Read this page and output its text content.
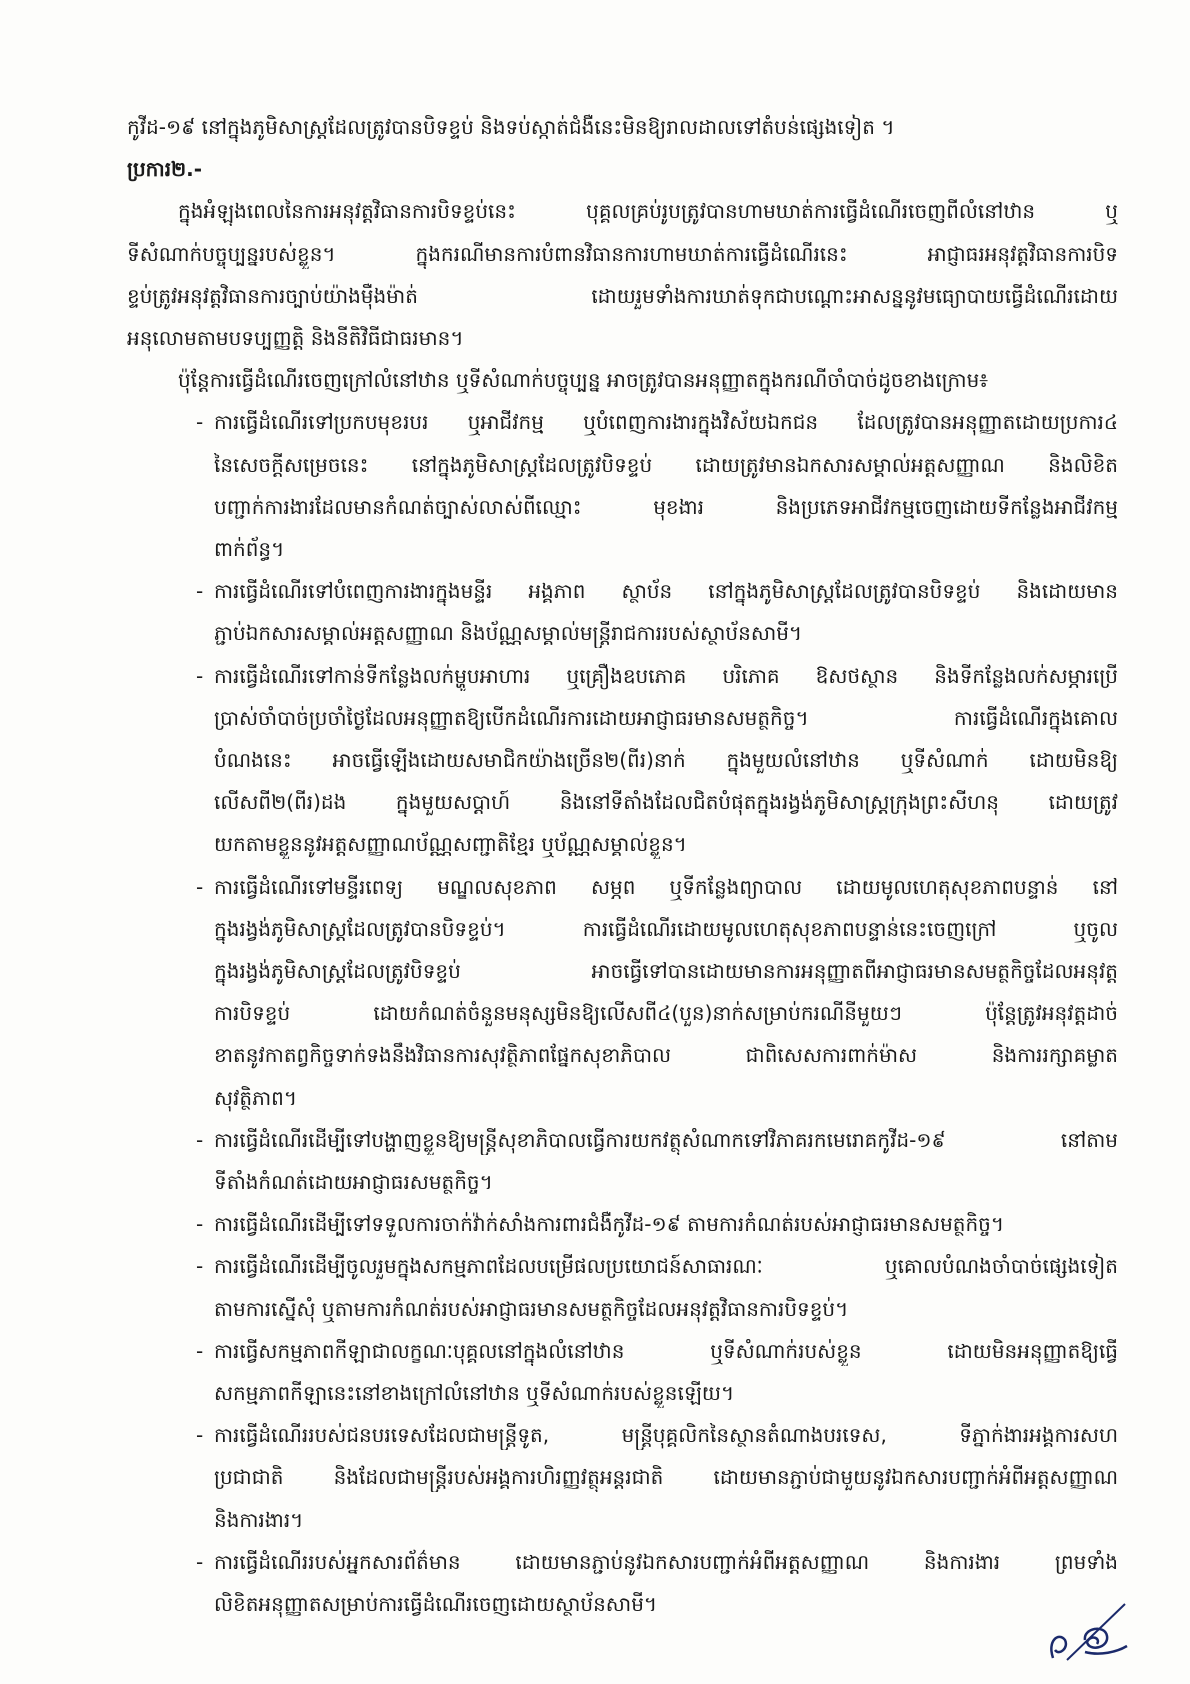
កូវីដ-១៩ នៅក្នុងភូមិសាស្ត្រដែលត្រូវបានបិទខ្ទប់ និងទប់ស្កាត់ជំងឺនេះមិនឱ្យរាលដាលទៅតំបន់ផ្សេងទៀត ។
ប្រការ២.-
ក្នុងអំឡុងពេលនៃការអនុវត្តវិធានការបិទខ្ទប់នេះ បុគ្គលគ្រប់រូបត្រូវបានហាមឃាត់ការធ្វើដំណើរចេញពីលំនៅឋាន ឬ
ទីសំណាក់បច្ចុប្បន្នរបស់ខ្លួន។ ក្នុងករណីមានការបំពានវិធានការហាមឃាត់ការធ្វើដំណើរនេះ អាជ្ញាធរអនុវត្តវិធានការបិទ
ខ្ទប់ត្រូវអនុវត្តវិធានការច្បាប់យ៉ាងម៉ឺងម៉ាត់ ដោយរួមទាំងការឃាត់ទុកជាបណ្ដោះអាសន្ននូវមធ្យោបាយធ្វើដំណើរដោយ
អនុលោមតាមបទប្បញ្ញត្តិ និងនីតិវិធីជាធរមាន។
ប៉ុន្តែការធ្វើដំណើរចេញក្រៅលំនៅឋាន ឬទីសំណាក់បច្ចុប្បន្ន អាចត្រូវបានអនុញ្ញាតក្នុងករណីចាំបាច់ដូចខាងក្រោម៖
- ការធ្វើដំណើរទៅប្រកបមុខរបរ ឬអាជីវកម្ម ឬបំពេញការងារក្នុងវិស័យឯកជន ដែលត្រូវបានអនុញ្ញាតដោយប្រការ៤
នៃសេចក្ដីសម្រេចនេះ នៅក្នុងភូមិសាស្ត្រដែលត្រូវបិទខ្ទប់ ដោយត្រូវមានឯកសារសម្គាល់អត្តសញ្ញាណ និងលិខិត
បញ្ជាក់ការងារដែលមានកំណត់ច្បាស់លាស់ពីឈ្មោះ មុខងារ និងប្រភេទអាជីវកម្មចេញដោយទីកន្លែងអាជីវកម្ម
ពាក់ព័ន្ធ។
- ការធ្វើដំណើរទៅបំពេញការងារក្នុងមន្ទីរ អង្គភាព ស្ថាប័ន នៅក្នុងភូមិសាស្ត្រដែលត្រូវបានបិទខ្ទប់ និងដោយមាន
ភ្ជាប់ឯកសារសម្គាល់អត្តសញ្ញាណ និងប័ណ្ណសម្គាល់មន្ត្រីរាជការរបស់ស្ថាប័នសាមី។
- ការធ្វើដំណើរទៅកាន់ទីកន្លែងលក់ម្ហូបអាហារ ឬគ្រឿងឧបភោគ បរិភោគ ឱសថស្ថាន និងទីកន្លែងលក់សម្ភារប្រើ
ប្រាស់ចាំបាច់ប្រចាំថ្ងៃដែលអនុញ្ញាតឱ្យបើកដំណើរការដោយអាជ្ញាធរមានសមត្ថកិច្ច។ ការធ្វើដំណើរក្នុងគោល
បំណងនេះ អាចធ្វើឡើងដោយសមាជិកយ៉ាងច្រើន២(ពីរ)នាក់ ក្នុងមួយលំនៅឋាន ឬទីសំណាក់ ដោយមិនឱ្យ
លើសពី២(ពីរ)ដង ក្នុងមួយសប្ដាហ៍ និងនៅទីតាំងដែលជិតបំផុតក្នុងរង្វង់ភូមិសាស្ត្រក្រុងព្រះសីហនុ ដោយត្រូវ
យកតាមខ្លួននូវអត្តសញ្ញាណប័ណ្ណសញ្ជាតិខ្មែរ ឬប័ណ្ណសម្គាល់ខ្លួន។
- ការធ្វើដំណើរទៅមន្ទីរពេទ្យ មណ្ឌលសុខភាព សម្ភព ឬទីកន្លែងព្យាបាល ដោយមូលហេតុសុខភាពបន្ទាន់ នៅ
ក្នុងរង្វង់ភូមិសាស្ត្រដែលត្រូវបានបិទខ្ទប់។ ការធ្វើដំណើរដោយមូលហេតុសុខភាពបន្ទាន់នេះចេញក្រៅ ឬចូល
ក្នុងរង្វង់ភូមិសាស្ត្រដែលត្រូវបិទខ្ទប់ អាចធ្វើទៅបានដោយមានការអនុញ្ញាតពីអាជ្ញាធរមានសមត្ថកិច្ចដែលអនុវត្ត
ការបិទខ្ទប់ ដោយកំណត់ចំនួនមនុស្សមិនឱ្យលើសពី៤(បួន)នាក់សម្រាប់ករណីនីមួយៗ ប៉ុន្តែត្រូវអនុវត្តដាច់
ខាតនូវកាតព្វកិច្ចទាក់ទងនឹងវិធានការសុវត្ថិភាពផ្នែកសុខាភិបាល ជាពិសេសការពាក់ម៉ាស និងការរក្សាគម្លាត
សុវត្ថិភាព។
- ការធ្វើដំណើរដើម្បីទៅបង្ហាញខ្លួនឱ្យមន្ត្រីសុខាភិបាលធ្វើការយកវត្ថុសំណាកទៅវិភាគរកមេរោគកូវីដ-១៩ នៅតាម
ទីតាំងកំណត់ដោយអាជ្ញាធរសមត្ថកិច្ច។
- ការធ្វើដំណើរដើម្បីទៅទទួលការចាក់វ៉ាក់សាំងការពារជំងឺកូវីដ-១៩ តាមការកំណត់របស់អាជ្ញាធរមានសមត្ថកិច្ច។
- ការធ្វើដំណើរដើម្បីចូលរួមក្នុងសកម្មភាពដែលបម្រើផលប្រយោជន៍សាធារណៈ ឬគោលបំណងចាំបាច់ផ្សេងទៀត
តាមការស្នើសុំ ឬតាមការកំណត់របស់អាជ្ញាធរមានសមត្ថកិច្ចដែលអនុវត្តវិធានការបិទខ្ទប់។
- ការធ្វើសកម្មភាពកីឡាជាលក្ខណៈបុគ្គលនៅក្នុងលំនៅឋាន ឬទីសំណាក់របស់ខ្លួន ដោយមិនអនុញ្ញាតឱ្យធ្វើ
សកម្មភាពកីឡានេះនៅខាងក្រៅលំនៅឋាន ឬទីសំណាក់របស់ខ្លួនឡើយ។
- ការធ្វើដំណើររបស់ជនបរទេសដែលជាមន្ត្រីទូត, មន្ត្រីបុគ្គលិកនៃស្ថានតំណាងបរទេស, ទីភ្នាក់ងារអង្គការសហ
ប្រជាជាតិ និងដែលជាមន្ត្រីរបស់អង្គការហិរញ្ញវត្ថុអន្តរជាតិ ដោយមានភ្ជាប់ជាមួយនូវឯកសារបញ្ជាក់អំពីអត្តសញ្ញាណ
និងការងារ។
- ការធ្វើដំណើររបស់អ្នកសារព័ត៌មាន ដោយមានភ្ជាប់នូវឯកសារបញ្ជាក់អំពីអត្តសញ្ញាណ និងការងារ ព្រមទាំង
លិខិតអនុញ្ញាតសម្រាប់ការធ្វើដំណើរចេញដោយស្ថាប័នសាមី។
